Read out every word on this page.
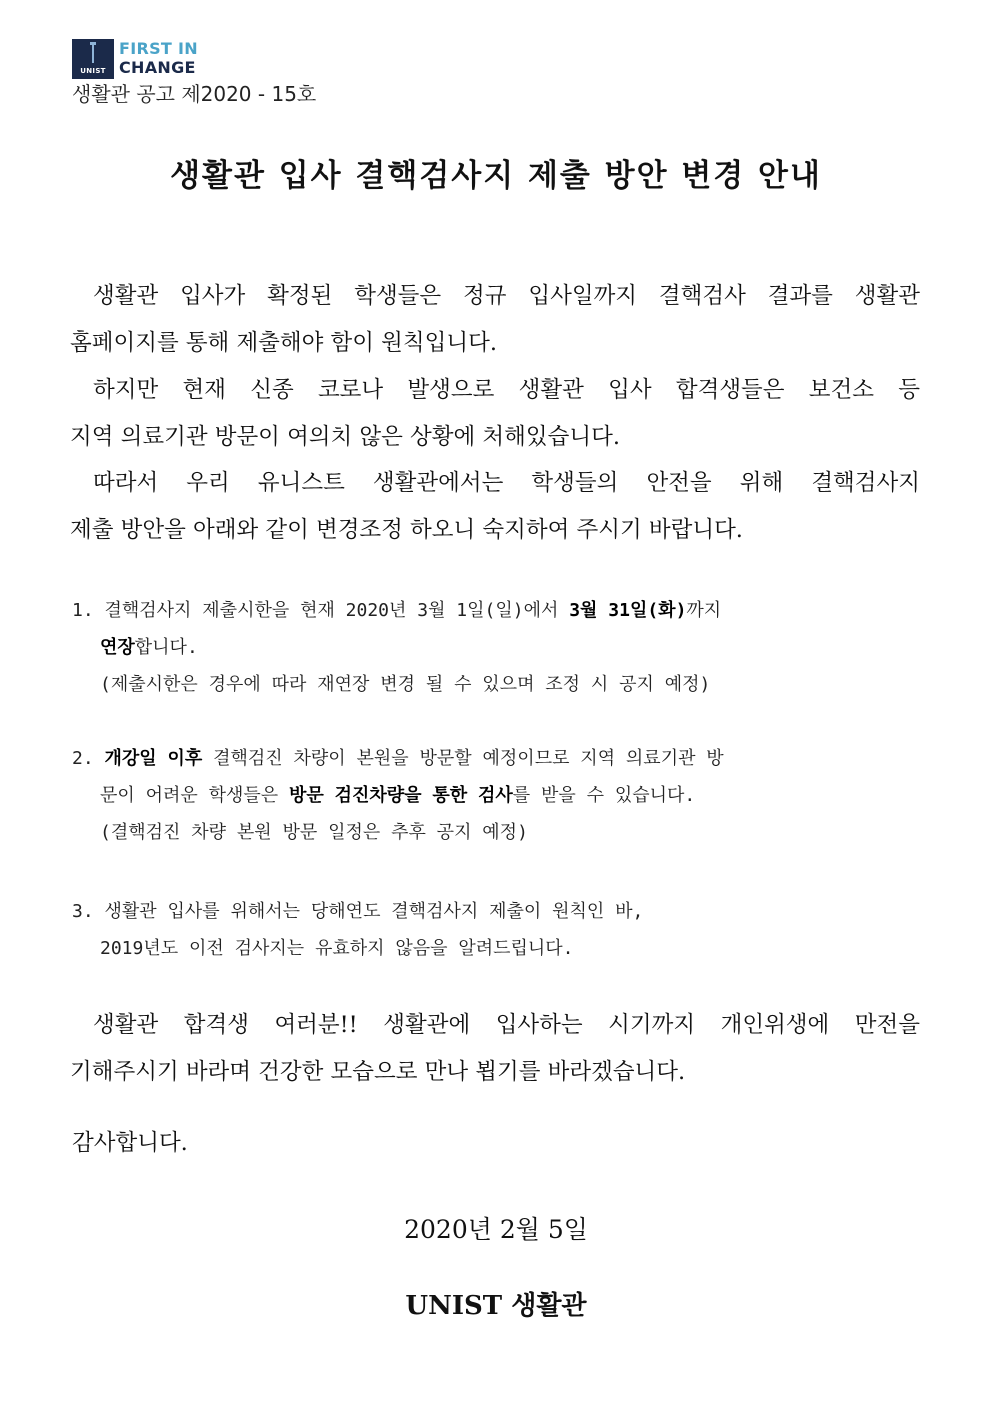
UNIST
FIRST IN
CHANGE
생활관 공고 제2020 - 15호
생활관 입사 결핵검사지 제출 방안 변경 안내
생활관 입사가 확정된 학생들은 정규 입사일까지 결핵검사 결과를 생활관
홈페이지를 통해 제출해야 함이 원칙입니다.
하지만 현재 신종 코로나 발생으로 생활관 입사 합격생들은 보건소 등
지역 의료기관 방문이 여의치 않은 상황에 처해있습니다.
따라서 우리 유니스트 생활관에서는 학생들의 안전을 위해 결핵검사지
제출 방안을 아래와 같이 변경조정 하오니 숙지하여 주시기 바랍니다.
1. 결핵검사지 제출시한을 현재 2020년 3월 1일(일)에서 3월 31일(화)까지
연장합니다.
(제출시한은 경우에 따라 재연장 변경 될 수 있으며 조정 시 공지 예정)
2. 개강일 이후 결핵검진 차량이 본원을 방문할 예정이므로 지역 의료기관 방
문이 어려운 학생들은 방문 검진차량을 통한 검사를 받을 수 있습니다.
(결핵검진 차량 본원 방문 일정은 추후 공지 예정)
3. 생활관 입사를 위해서는 당해연도 결핵검사지 제출이 원칙인 바,
2019년도 이전 검사지는 유효하지 않음을 알려드립니다.
생활관 합격생 여러분!! 생활관에 입사하는 시기까지 개인위생에 만전을
기해주시기 바라며 건강한 모습으로 만나 뵙기를 바라겠습니다.
감사합니다.
2020년 2월 5일
UNIST 생활관
